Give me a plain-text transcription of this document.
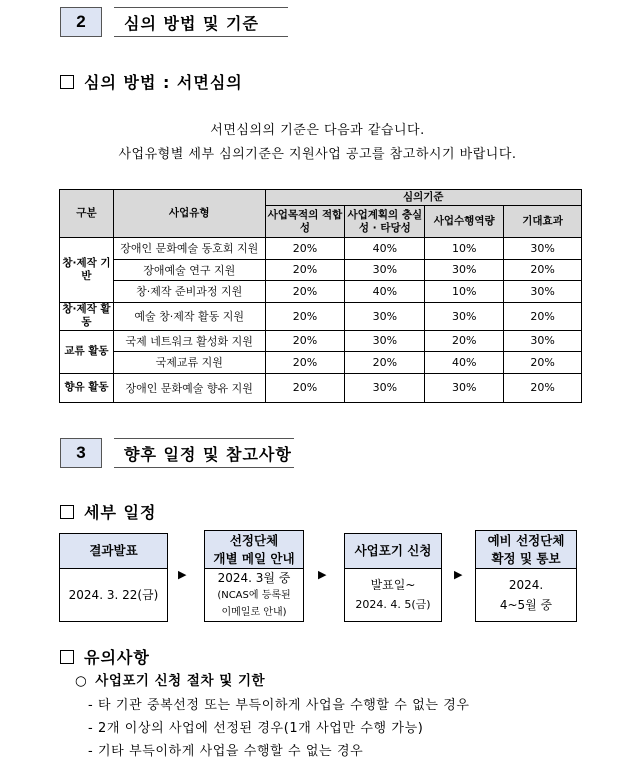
2	심의 방법 및 기준
심의 방법 : 서면심의
서면심의의 기준은 다음과 같습니다.
사업유형별 세부 심의기준은 지원사업 공고를 참고하시기 바랍니다.
구분	사업유형	심의기준			
		사업목적의 적합성	사업계획의 충실성 · 타당성	사업수행역량	기대효과
창·제작 기반	장애인 문화예술 동호회 지원	20%	40%	10%	30%
	장애예술 연구 지원	20%	30%	30%	20%
	창·제작 준비과정 지원	20%	40%	10%	30%
창·제작 활동	예술 창·제작 활동 지원	20%	30%	30%	20%
교류 활동	국제 네트워크 활성화 지원	20%	30%	20%	30%
	국제교류 지원	20%	20%	40%	20%
향유 활동	장애인 문화예술 향유 지원	20%	30%	30%	20%
3	향후 일정 및 참고사항
세부 일정
결과발표
2024. 3. 22(금)
▶
선정단체
개별 메일 안내
2024. 3월 중
(NCAS에 등록된
이메일로 안내)
▶
사업포기 신청
발표일~
2024. 4. 5(금)
▶
예비 선정단체
확정 및 통보
2024.
4~5월 중
유의사항
○ 사업포기 신청 절차 및 기한
- 타 기관 중복선정 또는 부득이하게 사업을 수행할 수 없는 경우
- 2개 이상의 사업에 선정된 경우(1개 사업만 수행 가능)
- 기타 부득이하게 사업을 수행할 수 없는 경우
